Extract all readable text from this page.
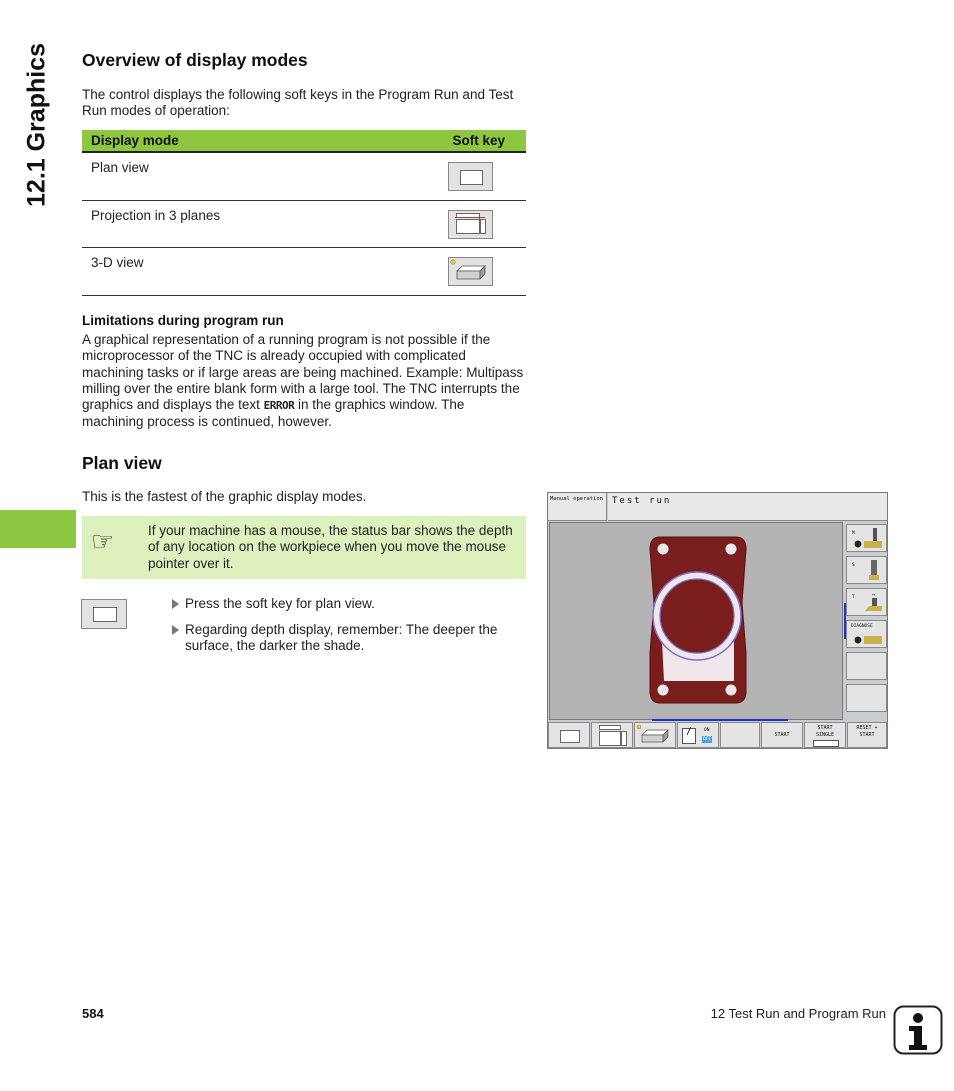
12.1 Graphics Overview of display modes

The control displays the following soft keys in the Program Run and Test Run modes of operation:

Display mode	Soft key
Plan view
Projection in 3 planes
3-D view
Limitations during program run

A graphical representation of a running program is not possible if the microprocessor of the TNC is already occupied with complicated machining tasks or if large areas are being machined. Example: Multipass milling over the entire blank form with a large tool. The TNC interrupts the graphics and displays the text ERROR in the graphics window. The machining process is continued, however.

Plan view

This is the fastest of the graphic display modes.

☞ If your machine has a mouse, the status bar shows the depth of any location on the workpiece when you move the mouse pointer over it.

Press the soft key for plan view.
Regarding depth display, remember: The deeper the surface, the darker the shade.
Manual operation	Test run
M
S
T	↔
DIAGNOSE
/	ON
OFF
START
START SINGLE
RESET + START
584	12 Test Run and Program Run
